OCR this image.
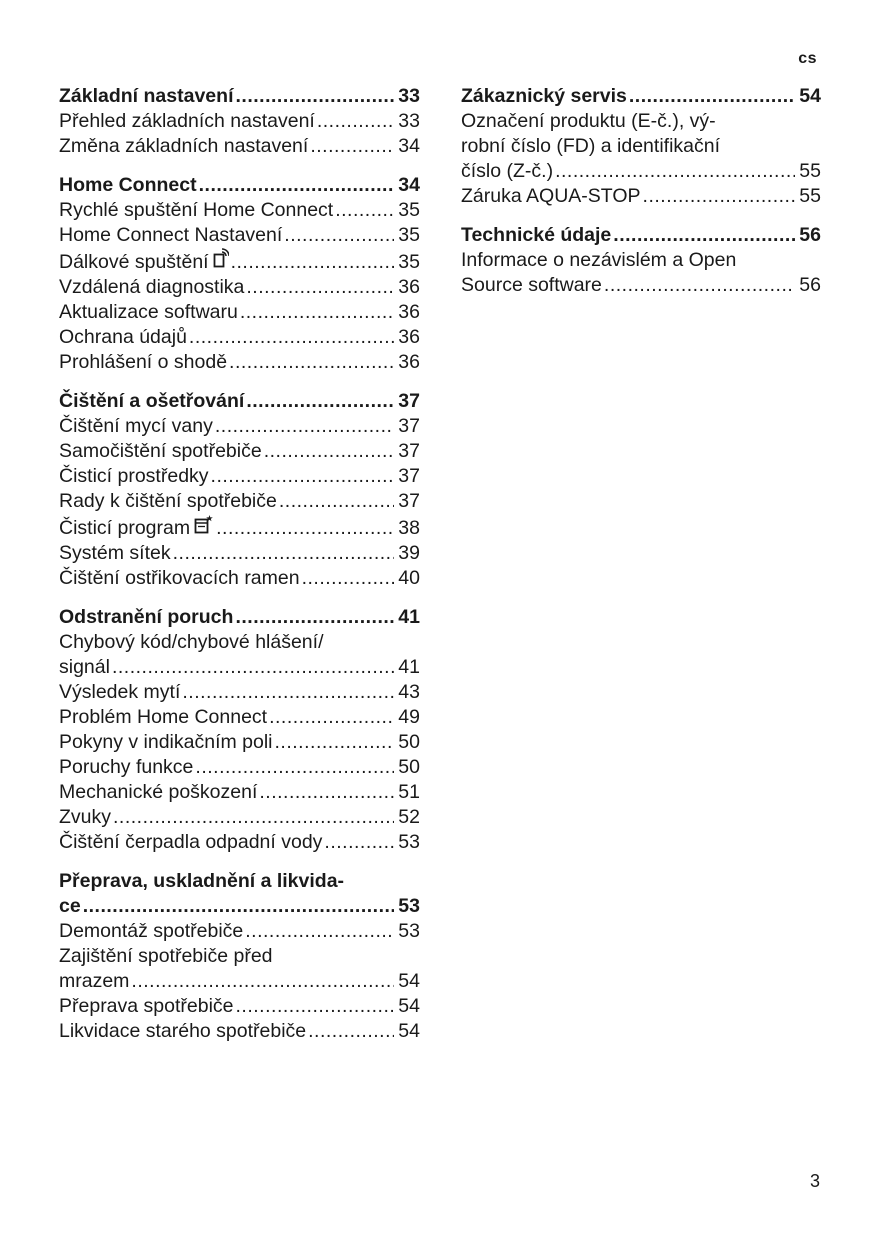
cs
Základní nastavení .....	33
Přehled základních nastavení .....	33
Změna základních nastavení .....	34
Home Connect .....	34
Rychlé spuštění Home Connect .....	35
Home Connect Nastavení .....	35
Dálkové spuštění .....	35
Vzdálená diagnostika .....	36
Aktualizace softwaru .....	36
Ochrana údajů .....	36
Prohlášení o shodě .....	36
Čištění a ošetřování .....	37
Čištění mycí vany .....	37
Samočištění spotřebiče .....	37
Čisticí prostředky .....	37
Rady k čištění spotřebiče .....	37
Čisticí program .....	38
Systém sítek .....	39
Čištění ostřikovacích ramen .....	40
Odstranění poruch .....	41
Chybový kód/chybové hlášení/
signál .....	41
Výsledek mytí .....	43
Problém Home Connect .....	49
Pokyny v indikačním poli .....	50
Poruchy funkce .....	50
Mechanické poškození .....	51
Zvuky .....	52
Čištění čerpadla odpadní vody .....	53
Přeprava, uskladnění a likvida-
ce .....	53
Demontáž spotřebiče .....	53
Zajištění spotřebiče před
mrazem .....	54
Přeprava spotřebiče .....	54
Likvidace starého spotřebiče .....	54
Zákaznický servis .....	54
Označení produktu (E-č.), vý-
robní číslo (FD) a identifikační
číslo (Z-č.) .....	55
Záruka AQUA-STOP .....	55
Technické údaje .....	56
Informace o nezávislém a Open
Source software .....	56
3
